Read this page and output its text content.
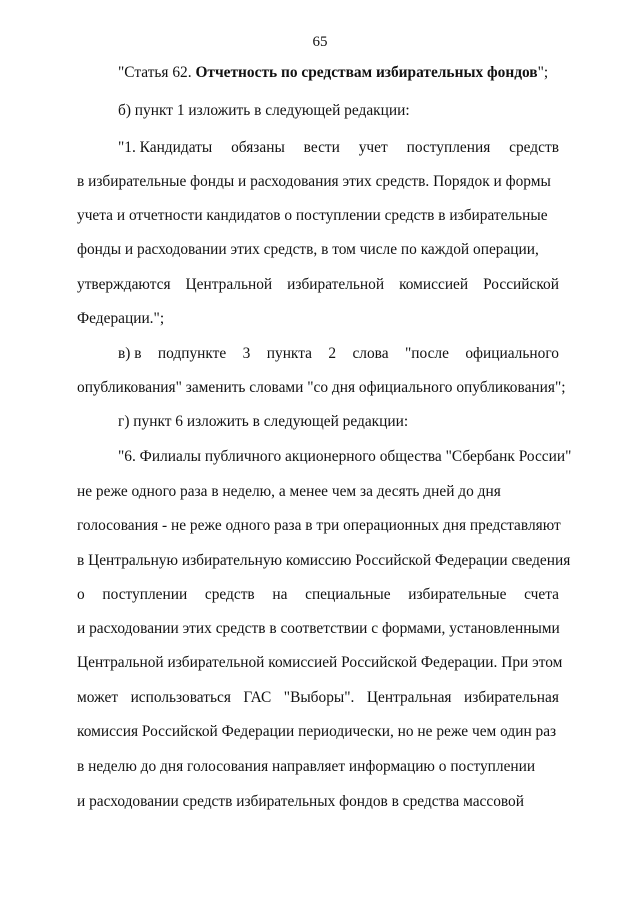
65
"Статья 62. Отчетность по средствам избирательных фондов";
б) пункт 1 изложить в следующей редакции:
"1. Кандидаты обязаны вести учет поступления средств
в избирательные фонды и расходования этих средств. Порядок и формы
учета и отчетности кандидатов о поступлении средств в избирательные
фонды и расходовании этих средств, в том числе по каждой операции,
утверждаются Центральной избирательной комиссией Российской
Федерации.";
в) в подпункте 3 пункта 2 слова "после официального
опубликования" заменить словами "со дня официального опубликования";
г) пункт 6 изложить в следующей редакции:
"6. Филиалы публичного акционерного общества "Сбербанк России"
не реже одного раза в неделю, а менее чем за десять дней до дня
голосования - не реже одного раза в три операционных дня представляют
в Центральную избирательную комиссию Российской Федерации сведения
о поступлении средств на специальные избирательные счета
и расходовании этих средств в соответствии с формами, установленными
Центральной избирательной комиссией Российской Федерации. При этом
может использоваться ГАС "Выборы". Центральная избирательная
комиссия Российской Федерации периодически, но не реже чем один раз
в неделю до дня голосования направляет информацию о поступлении
и расходовании средств избирательных фондов в средства массовой
